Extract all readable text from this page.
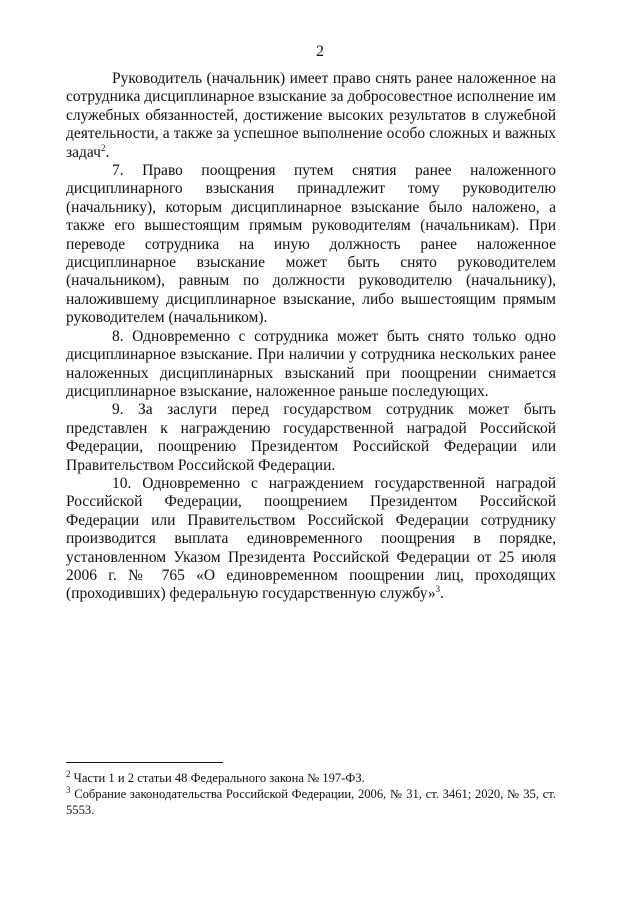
2

Руководитель (начальник) имеет право снять ранее наложенное на сотрудника дисциплинарное взыскание за добросовестное исполнение им служебных обязанностей, достижение высоких результатов в служебной деятельности, а также за успешное выполнение особо сложных и важных задач$^2$.

7. Право поощрения путем снятия ранее наложенного дисциплинарного взыскания принадлежит тому руководителю (начальнику), которым дисциплинарное взыскание было наложено, а также его вышестоящим прямым руководителям (начальникам). При переводе сотрудника на иную должность ранее наложенное дисциплинарное взыскание может быть снято руководителем (начальником), равным по должности руководителю (начальнику), наложившему дисциплинарное взыскание, либо вышестоящим прямым руководителем (начальником).

8. Одновременно с сотрудника может быть снято только одно дисциплинарное взыскание. При наличии у сотрудника нескольких ранее наложенных дисциплинарных взысканий при поощрении снимается дисциплинарное взыскание, наложенное раньше последующих.

9. За заслуги перед государством сотрудник может быть представлен к награждению государственной наградой Российской Федерации, поощрению Президентом Российской Федерации или Правительством Российской Федерации.

10. Одновременно с награждением государственной наградой Российской Федерации, поощрением Президентом Российской Федерации или Правительством Российской Федерации сотруднику производится выплата единовременного поощрения в порядке, установленном Указом Президента Российской Федерации от 25 июля 2006 г. № 765 «О единовременном поощрении лиц, проходящих (проходивших) федеральную государственную службу»$^3$.

$^2$ Части 1 и 2 статьи 48 Федерального закона № 197-ФЗ.

$^3$ Собрание законодательства Российской Федерации, 2006, № 31, ст. 3461; 2020, № 35, ст. 5553.
